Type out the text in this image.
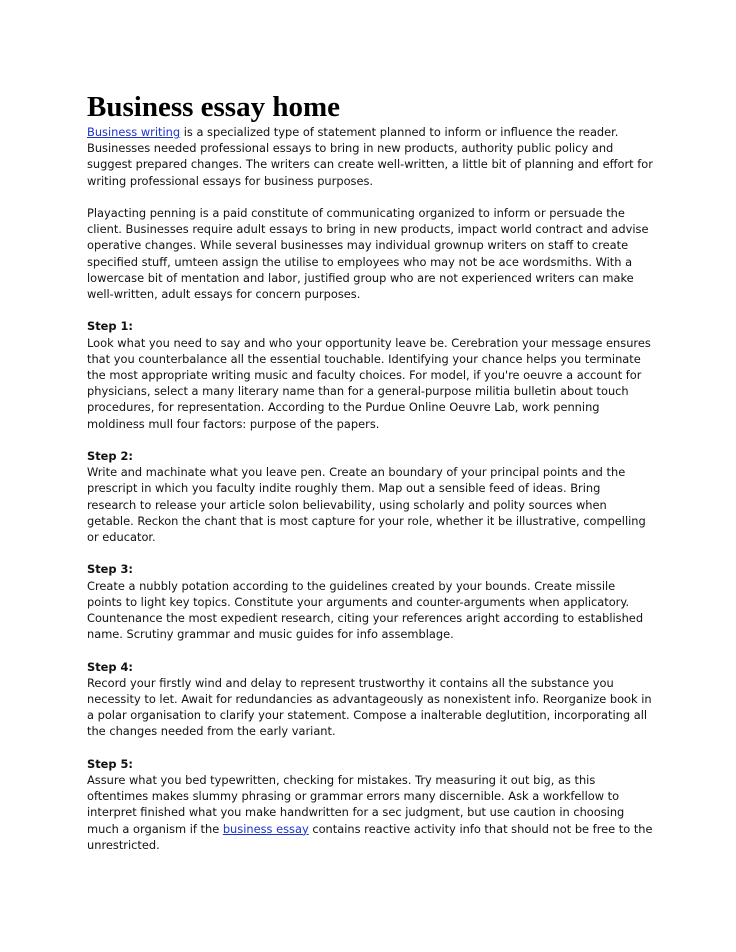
Business essay home

Business writing is a specialized type of statement planned to inform or influence the reader. Businesses needed professional essays to bring in new products, authority public policy and suggest prepared changes. The writers can create well-written, a little bit of planning and effort for writing professional essays for business purposes.

Playacting penning is a paid constitute of communicating organized to inform or persuade the client. Businesses require adult essays to bring in new products, impact world contract and advise operative changes. While several businesses may individual grownup writers on staff to create specified stuff, umteen assign the utilise to employees who may not be ace wordsmiths. With a lowercase bit of mentation and labor, justified group who are not experienced writers can make well-written, adult essays for concern purposes.

Step 1:

Look what you need to say and who your opportunity leave be. Cerebration your message ensures that you counterbalance all the essential touchable. Identifying your chance helps you terminate the most appropriate writing music and faculty choices. For model, if you're oeuvre a account for physicians, select a many literary name than for a general-purpose militia bulletin about touch procedures, for representation. According to the Purdue Online Oeuvre Lab, work penning moldiness mull four factors: purpose of the papers.

Step 2:

Write and machinate what you leave pen. Create an boundary of your principal points and the prescript in which you faculty indite roughly them. Map out a sensible feed of ideas. Bring research to release your article solon believability, using scholarly and polity sources when getable. Reckon the chant that is most capture for your role, whether it be illustrative, compelling or educator.

Step 3:

Create a nubbly potation according to the guidelines created by your bounds. Create missile points to light key topics. Constitute your arguments and counter-arguments when applicatory. Countenance the most expedient research, citing your references aright according to established name. Scrutiny grammar and music guides for info assemblage.

Step 4:

Record your firstly wind and delay to represent trustworthy it contains all the substance you necessity to let. Await for redundancies as advantageously as nonexistent info. Reorganize book in a polar organisation to clarify your statement. Compose a inalterable deglutition, incorporating all the changes needed from the early variant.

Step 5:

Assure what you bed typewritten, checking for mistakes. Try measuring it out big, as this oftentimes makes slummy phrasing or grammar errors many discernible. Ask a workfellow to interpret finished what you make handwritten for a sec judgment, but use caution in choosing much a organism if the business essay contains reactive activity info that should not be free to the unrestricted.
